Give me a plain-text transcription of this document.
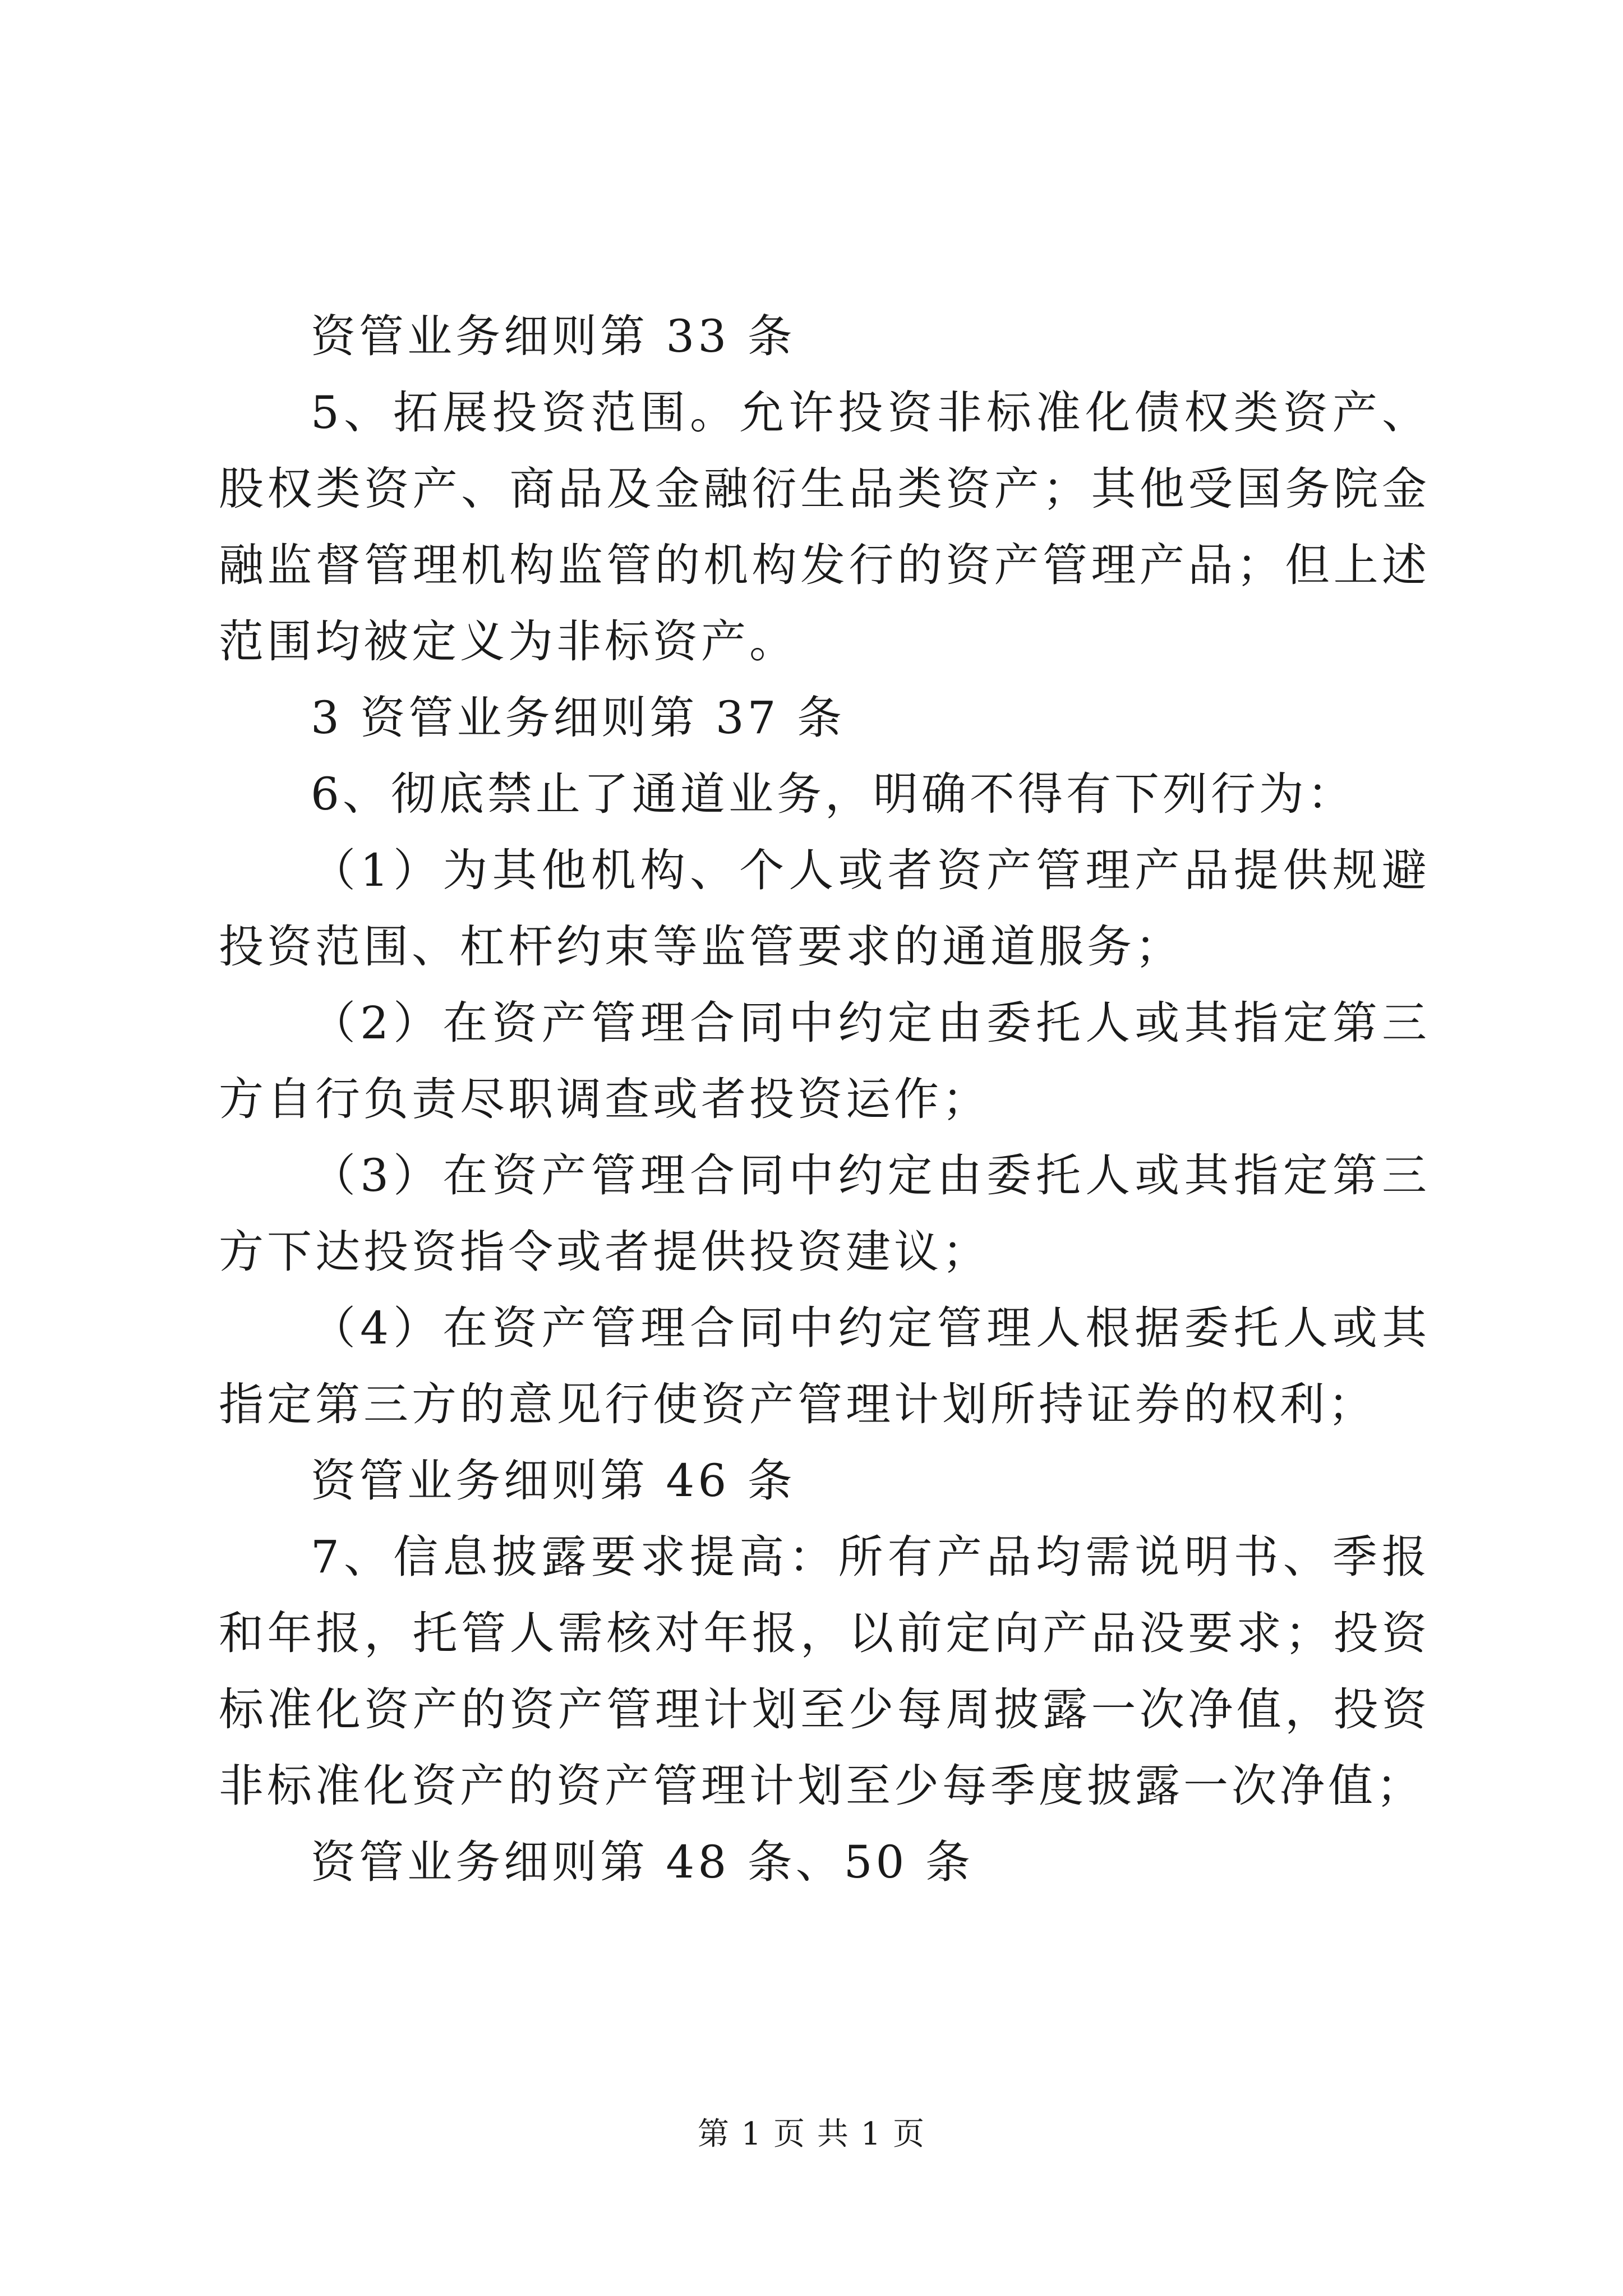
资管业务细则第 33 条

5、拓展投资范围。允许投资非标准化债权类资产、股权类资产、商品及金融衍生品类资产；其他受国务院金融监督管理机构监管的机构发行的资产管理产品；但上述范围均被定义为非标资产。

3 资管业务细则第 37 条

6、彻底禁止了通道业务，明确不得有下列行为：

（1）为其他机构、个人或者资产管理产品提供规避投资范围、杠杆约束等监管要求的通道服务；

（2）在资产管理合同中约定由委托人或其指定第三方自行负责尽职调查或者投资运作；

（3）在资产管理合同中约定由委托人或其指定第三方下达投资指令或者提供投资建议；

（4）在资产管理合同中约定管理人根据委托人或其指定第三方的意见行使资产管理计划所持证券的权利；

资管业务细则第 46 条

7、信息披露要求提高：所有产品均需说明书、季报和年报，托管人需核对年报，以前定向产品没要求；投资标准化资产的资产管理计划至少每周披露一次净值，投资非标准化资产的资产管理计划至少每季度披露一次净值；

资管业务细则第 48 条、50 条

第 1 页 共 1 页
